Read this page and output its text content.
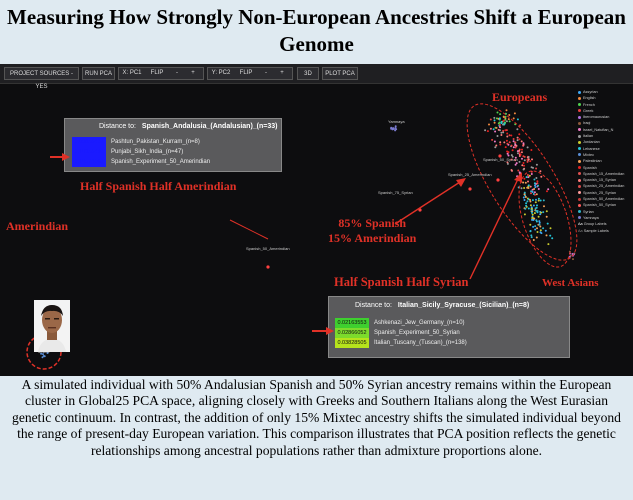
Measuring How Strongly Non-European Ancestries Shift a European Genome
PROJECT SOURCES - YES
RUN PCA	X: PC1	FLIP	-	+	Y: PC2	FLIP	-	+	3D	PLOT PCA
Yamnaya
Spanish_50_Syrian
Spanish_25_Amerindian
Spanish_75_Syrian
Spanish_50_Amerindian
Distance to: Spanish_Andalusia_(Andalusian)_(n=33)
0.09856493	Pashtun_Pakistan_Kurram_(n=8)
0.10356480	Punjabi_Sikh_India_(n=47)
0.10574063	Spanish_Experiment_50_Amerindian
Distance to: Italian_Sicily_Syracuse_(Sicilian)_(n=8)
0.02163553	Ashkenazi_Jew_Germany_(n=10)
0.02866052	Spanish_Experiment_50_Syrian
0.03828505	Italian_Tuscany_(Tuscan)_(n=138)
Half Spanish Half Amerindian
Amerindian
Europeans
85% Spanish
15% Amerindian
Half Spanish Half Syrian	West Asians
Assyrian
English
French
Greek
Iberomaurusian
Iraqi
Israel_Natufian_N
Italian
Jordanian
Lebanese
Mixtec
Palestinian
Spanish
Spanish_15_Amerindian
Spanish_15_Syrian
Spanish_25_Amerindian
Spanish_25_Syrian
Spanish_50_Amerindian
Spanish_50_Syrian
Syrian
Yamnaya
Aa Group Labels
Aa Sample Labels
A simulated individual with 50% Andalusian Spanish and 50% Syrian ancestry remains within the European cluster in Global25 PCA space, aligning closely with Greeks and Southern Italians along the West Eurasian genetic continuum. In contrast, the addition of only 15% Mixtec ancestry shifts the simulated individual beyond the range of present-day European variation. This comparison illustrates that PCA position reflects the genetic relationships among ancestral populations rather than admixture proportions alone.
